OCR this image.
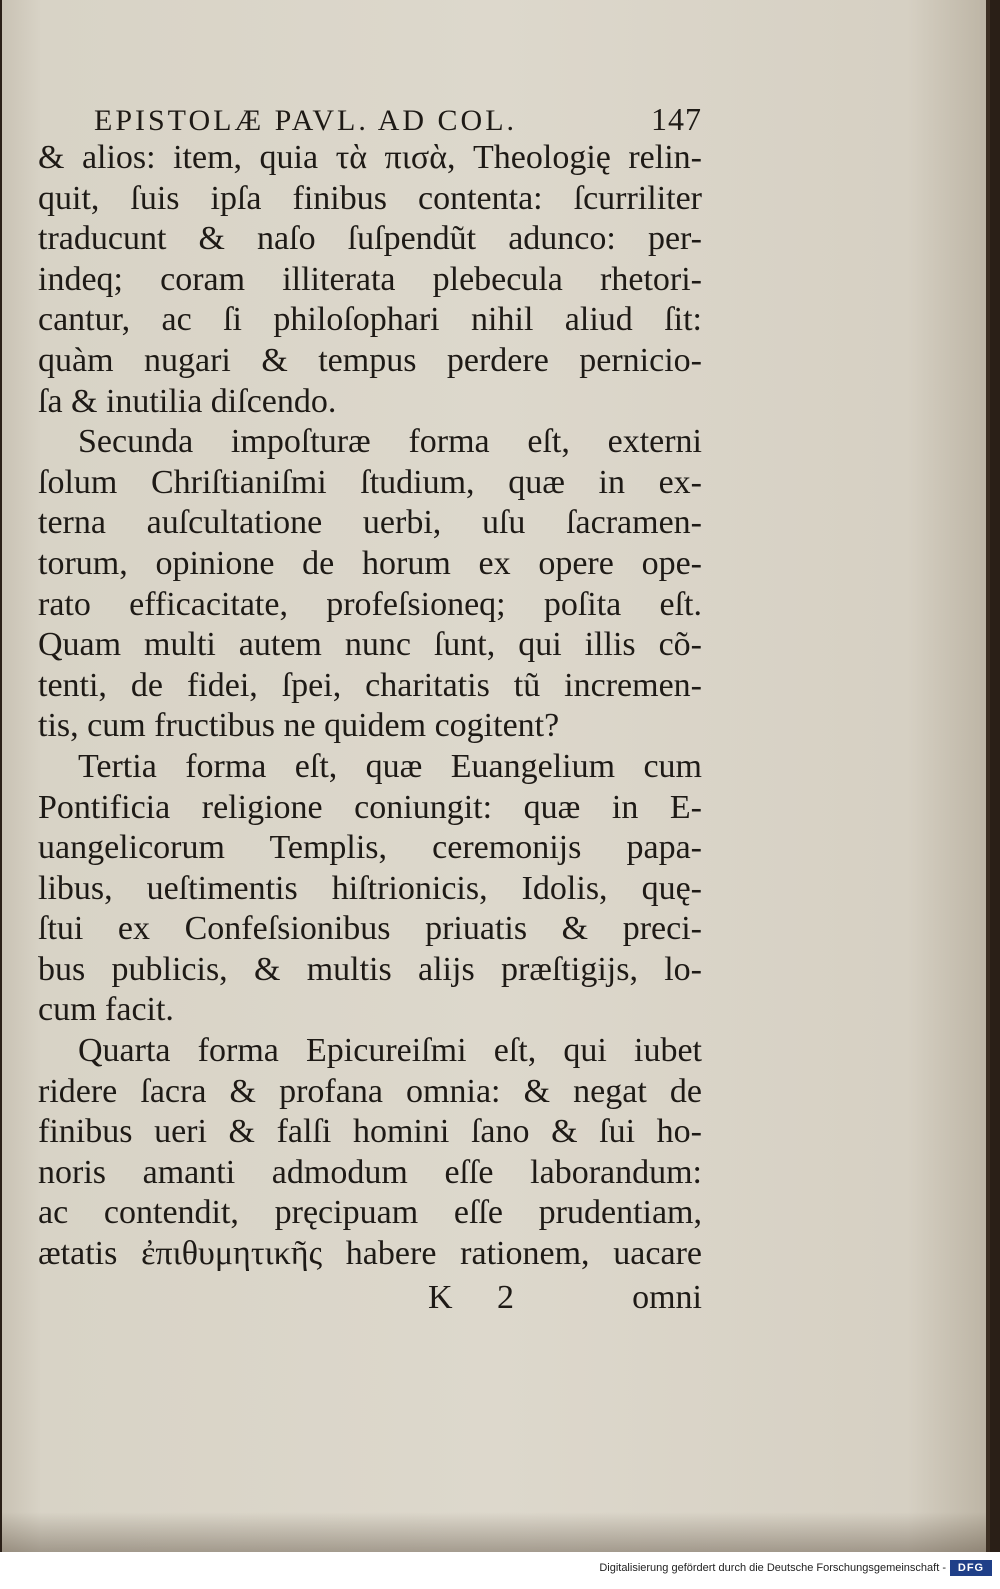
EPISTOLÆ PAVL. AD COL.	147
& alios: item, quia τὰ πισὰ, Theologię relin-
quit, ſuis ipſa finibus contenta: ſcurriliter
traducunt & naſo ſuſpendũt adunco: per-
indeq; coram illiterata plebecula rhetori-
cantur, ac ſi philoſophari nihil aliud ſit:
quàm nugari & tempus perdere pernicio-
ſa & inutilia diſcendo.
Secunda impoſturæ forma eſt, externi
ſolum Chriſtianiſmi ſtudium, quæ in ex-
terna auſcultatione uerbi, uſu ſacramen-
torum, opinione de horum ex opere ope-
rato efficacitate, profeſsioneq; poſita eſt.
Quam multi autem nunc ſunt, qui illis cõ-
tenti, de fidei, ſpei, charitatis tũ incremen-
tis, cum fructibus ne quidem cogitent?
Tertia forma eſt, quæ Euangelium cum
Pontificia religione coniungit: quæ in E-
uangelicorum Templis, ceremonijs papa-
libus, ueſtimentis hiſtrionicis, Idolis, quę-
ſtui ex Confeſsionibus priuatis & preci-
bus publicis, & multis alijs præſtigijs, lo-
cum facit.
Quarta forma Epicureiſmi eſt, qui iubet
ridere ſacra & profana omnia: & negat de
finibus ueri & falſi homini ſano & ſui ho-
noris amanti admodum eſſe laborandum:
ac contendit, pręcipuam eſſe prudentiam,
ætatis ἐπιθυμητικῆς habere rationem, uacare
K 2	omni
Digitalisierung gefördert durch die Deutsche Forschungsgemeinschaft -	DFG
